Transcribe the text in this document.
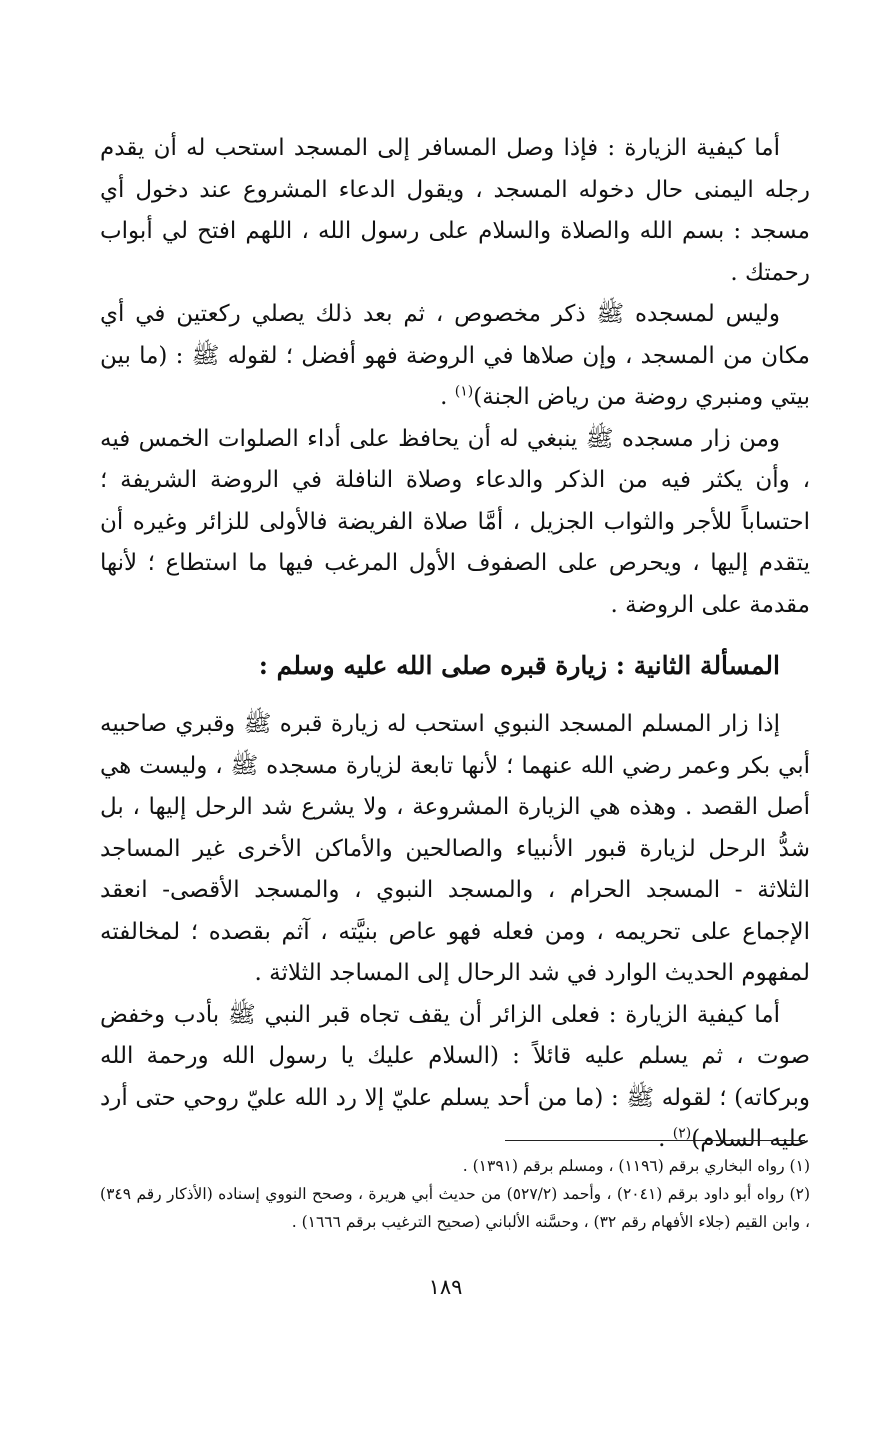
أما كيفية الزيارة : فإذا وصل المسافر إلى المسجد استحب له أن يقدم رجله اليمنى حال دخوله المسجد ، ويقول الدعاء المشروع عند دخول أي مسجد : بسم الله والصلاة والسلام على رسول الله ، اللهم افتح لي أبواب رحمتك .

وليس لمسجده ﷺ ذكر مخصوص ، ثم بعد ذلك يصلي ركعتين في أي مكان من المسجد ، وإن صلاها في الروضة فهو أفضل ؛ لقوله ﷺ : (ما بين بيتي ومنبري روضة من رياض الجنة)$^{(١)}$ .

ومن زار مسجده ﷺ ينبغي له أن يحافظ على أداء الصلوات الخمس فيه ، وأن يكثر فيه من الذكر والدعاء وصلاة النافلة في الروضة الشريفة ؛ احتساباً للأجر والثواب الجزيل ، أمَّا صلاة الفريضة فالأولى للزائر وغيره أن يتقدم إليها ، ويحرص على الصفوف الأول المرغب فيها ما استطاع ؛ لأنها مقدمة على الروضة .

المسألة الثانية : زيارة قبره صلى الله عليه وسلم :

إذا زار المسلم المسجد النبوي استحب له زيارة قبره ﷺ وقبري صاحبيه أبي بكر وعمر رضي الله عنهما ؛ لأنها تابعة لزيارة مسجده ﷺ ، وليست هي أصل القصد . وهذه هي الزيارة المشروعة ، ولا يشرع شد الرحل إليها ، بل شدُّ الرحل لزيارة قبور الأنبياء والصالحين والأماكن الأخرى غير المساجد الثلاثة - المسجد الحرام ، والمسجد النبوي ، والمسجد الأقصى- انعقد الإجماع على تحريمه ، ومن فعله فهو عاص بنيَّته ، آثم بقصده ؛ لمخالفته لمفهوم الحديث الوارد في شد الرحال إلى المساجد الثلاثة .

أما كيفية الزيارة : فعلى الزائر أن يقف تجاه قبر النبي ﷺ بأدب وخفض صوت ، ثم يسلم عليه قائلاً : (السلام عليك يا رسول الله ورحمة الله وبركاته) ؛ لقوله ﷺ : (ما من أحد يسلم عليّ إلا رد الله عليّ روحي حتى أرد عليه السلام)$^{(٢)}$ .

(١) رواه البخاري برقم (١١٩٦) ، ومسلم برقم (١٣٩١) .

(٢) رواه أبو داود برقم (٢٠٤١) ، وأحمد (٥٢٧/٢) من حديث أبي هريرة ، وصحح النووي إسناده (الأذكار رقم ٣٤٩) ، وابن القيم (جلاء الأفهام رقم ٣٢) ، وحسَّنه الألباني (صحيح الترغيب برقم ١٦٦٦) .

١٨٩
